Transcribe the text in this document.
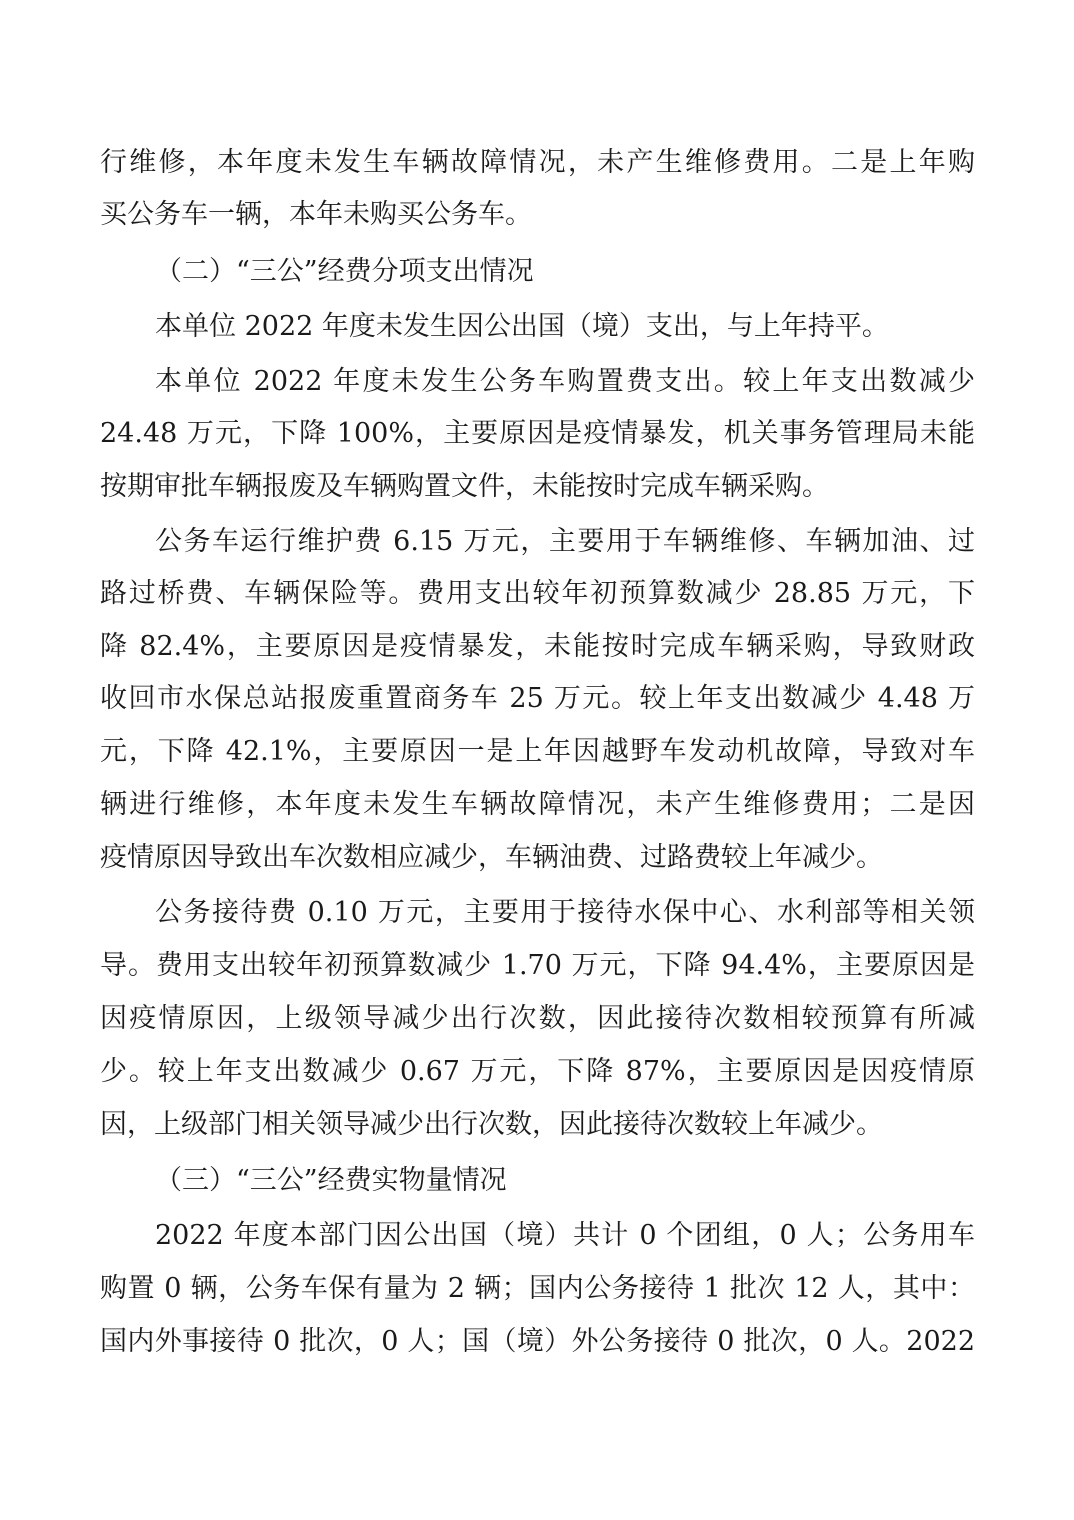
行维修，本年度未发生车辆故障情况，未产生维修费用。二是上年购
买公务车一辆，本年未购买公务车。
（二）“三公”经费分项支出情况
本单位 2022 年度未发生因公出国（境）支出，与上年持平。
本单位 2022 年度未发生公务车购置费支出。较上年支出数减少
24.48 万元，下降 100%，主要原因是疫情暴发，机关事务管理局未能
按期审批车辆报废及车辆购置文件，未能按时完成车辆采购。
公务车运行维护费 6.15 万元，主要用于车辆维修、车辆加油、过
路过桥费、车辆保险等。费用支出较年初预算数减少 28.85 万元，下
降 82.4%，主要原因是疫情暴发，未能按时完成车辆采购，导致财政
收回市水保总站报废重置商务车 25 万元。较上年支出数减少 4.48 万
元，下降 42.1%，主要原因一是上年因越野车发动机故障，导致对车
辆进行维修，本年度未发生车辆故障情况，未产生维修费用；二是因
疫情原因导致出车次数相应减少，车辆油费、过路费较上年减少。
公务接待费 0.10 万元，主要用于接待水保中心、水利部等相关领
导。费用支出较年初预算数减少 1.70 万元，下降 94.4%，主要原因是
因疫情原因，上级领导减少出行次数，因此接待次数相较预算有所减
少。较上年支出数减少 0.67 万元，下降 87%，主要原因是因疫情原
因，上级部门相关领导减少出行次数，因此接待次数较上年减少。
（三）“三公”经费实物量情况
2022 年度本部门因公出国（境）共计 0 个团组，0 人；公务用车
购置 0 辆，公务车保有量为 2 辆；国内公务接待 1 批次 12 人，其中：
国内外事接待 0 批次，0 人；国（境）外公务接待 0 批次，0 人。2022
